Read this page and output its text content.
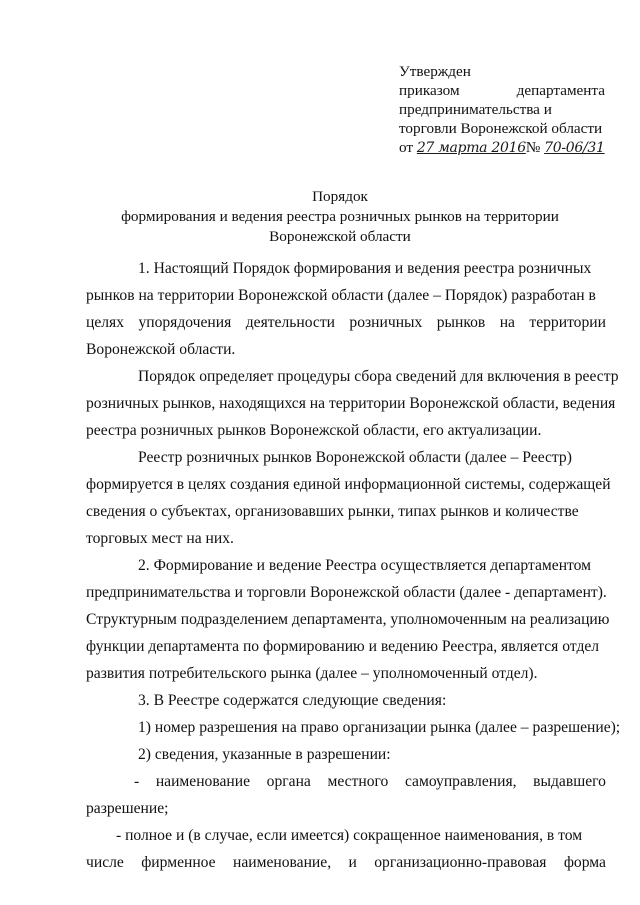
Утвержден
приказом	департамента
предпринимательства и
торговли Воронежской области
от
27 марта 2016 №
70-06/31
Порядок
формирования и ведения реестра розничных рынков на территории
Воронежской области
1. Настоящий Порядок формирования и ведения реестра розничных
рынков на территории Воронежской области (далее – Порядок) разработан в
целях упорядочения деятельности розничных рынков на территории
Воронежской области.
Порядок определяет процедуры сбора сведений для включения в реестр
розничных рынков, находящихся на территории Воронежской области, ведения
реестра розничных рынков Воронежской области, его актуализации.
Реестр розничных рынков Воронежской области (далее – Реестр)
формируется в целях создания единой информационной системы, содержащей
сведения о субъектах, организовавших рынки, типах рынков и количестве
торговых мест на них.
2. Формирование и ведение Реестра осуществляется департаментом
предпринимательства и торговли Воронежской области (далее - департамент).
Структурным подразделением департамента, уполномоченным на реализацию
функции департамента по формированию и ведению Реестра, является отдел
развития потребительского рынка (далее – уполномоченный отдел).
3. В Реестре содержатся следующие сведения:
1) номер разрешения на право организации рынка (далее – разрешение);
2) сведения, указанные в разрешении:
- наименование органа местного самоуправления, выдавшего
разрешение;
- полное и (в случае, если имеется) сокращенное наименования, в том
числе фирменное наименование, и организационно-правовая форма
